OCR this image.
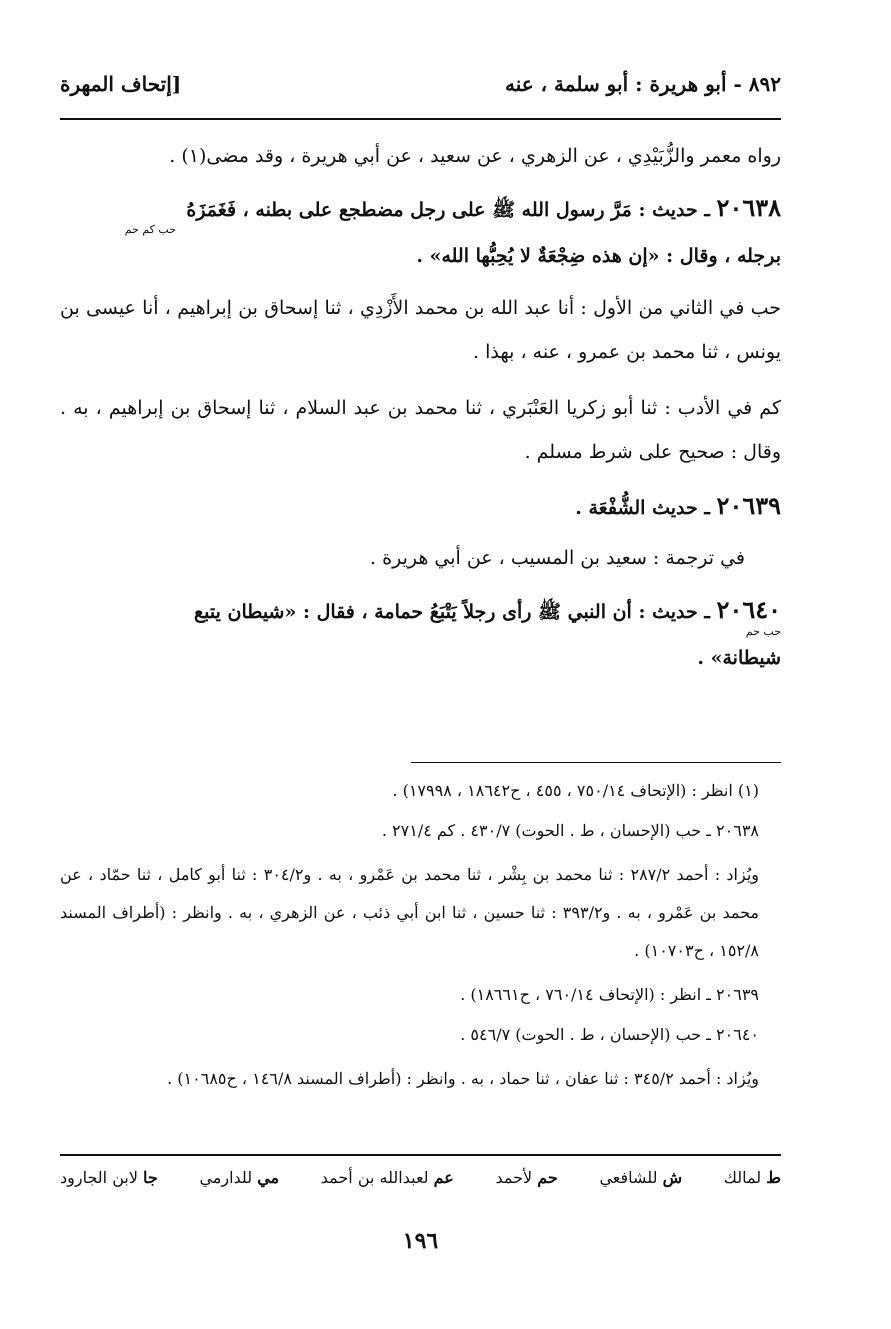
٨٩٢ - أبو هريرة : أبو سلمة ، عنه
[إتحاف المهرة
رواه معمر والزُّبَيْدِي ، عن الزهري ، عن سعيد ، عن أبي هريرة ، وقد مضى(١) .
٢٠٦٣٨ ـ حديث : مَرَّ رسول الله ﷺ على رجل مضطجع على بطنه ، فَغَمَزَهُ
حب كم حم
برجله ، وقال : «إن هذه ضِجْعَةٌ لا يُحِبُّها الله» .
حب في الثاني من الأول : أنا عبد الله بن محمد الأَزْدِي ، ثنا إسحاق بن إبراهيم ، أنا عيسى بن يونس ، ثنا محمد بن عمرو ، عنه ، بهذا .
كم في الأدب : ثنا أبو زكريا العَنْبَري ، ثنا محمد بن عبد السلام ، ثنا إسحاق بن إبراهيم ، به . وقال : صحيح على شرط مسلم .
٢٠٦٣٩ ـ حديث الشُّفْعَة .
في ترجمة : سعيد بن المسيب ، عن أبي هريرة .
٢٠٦٤٠ ـ حديث : أن النبي ﷺ رأى رجلاً يَتْبَعُ حمامة ، فقال : «شيطان يتبع
حب حم
شيطانة» .
(١) انظر : (الإتحاف ٧٥٠/١٤ ، ٤٥٥ ، ح١٨٦٤٢ ، ١٧٩٩٨) .
٢٠٦٣٨ ـ حب (الإحسان ، ط . الحوت) ٤٣٠/٧ . كم ٢٧١/٤ .
ويُزاد : أحمد ٢٨٧/٢ : ثنا محمد بن بِشْر ، ثنا محمد بن عَمْرو ، به . و٣٠٤/٢ : ثنا أبو كامل ، ثنا حمّاد ، عن محمد بن عَمْرو ، به . و٣٩٣/٢ : ثنا حسين ، ثنا ابن أبي ذئب ، عن الزهري ، به . وانظر : (أطراف المسند ١٥٢/٨ ، ح١٠٧٠٣) .
٢٠٦٣٩ ـ انظر : (الإتحاف ٧٦٠/١٤ ، ح١٨٦٦١) .
٢٠٦٤٠ ـ حب (الإحسان ، ط . الحوت) ٥٤٦/٧ .
ويُزاد : أحمد ٣٤٥/٢ : ثنا عفان ، ثنا حماد ، به . وانظر : (أطراف المسند ١٤٦/٨ ، ح١٠٦٨٥) .
ط لمالك
ش للشافعي
حم لأحمد
عم لعبدالله بن أحمد
مي للدارمي
جا لابن الجارود
١٩٦
